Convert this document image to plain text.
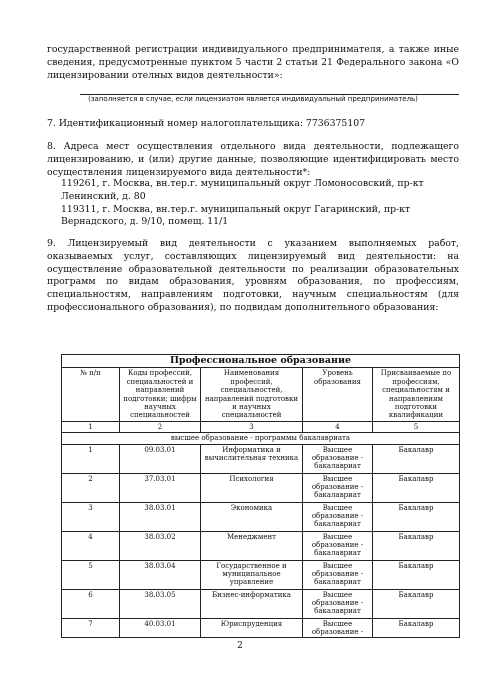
государственной регистрации индивидуального предпринимателя, а также иные сведения, предусмотренные пунктом 5 части 2 статьи 21 Федерального закона «О лицензировании отелных видов деятельности»:

(заполняется в случае, если лицензиатом является индивидуальный предприниматель)

7. Идентификационный номер налогоплательщика: 7736375107

8. Адреса мест осуществления отдельного вида деятельности, подлежащего лицензированию, и (или) другие данные, позволяющие идентифицировать место осуществления лицензируемого вида деятельности*:

119261, г. Москва, вн.тер.г. муниципальный округ Ломоносовский, пр-кт Ленинский, д. 80
119311, г. Москва, вн.тер.г. муниципальный округ Гагаринский, пр-кт Вернадского, д. 9/10, помещ. 11/1

9. Лицензируемый вид деятельности с указанием выполняемых работ, оказываемых услуг, составляющих лицензируемый вид деятельности: на осуществление образовательной деятельности по реализации образовательных программ по видам образования, уровням образования, по профессиям, специальностям, направлениям подготовки, научным специальностям (для профессионального образования), по подвидам дополнительного образования:

Профессиональное образование				
№ п/п	Коды профессий, специальностей и направлений подготовки; шифры научных специальностей	Наименования профессий, специальностей, направлений подготовки и научных специальностей	Уровень образования	Присваиваемые по профессиям, специальностям и направлениям подготовки квалификации
1	2	3	4	5
высшее образование - программы бакалавриата				
1	09.03.01	Информатика и вычислительная техника	Высшее образование - бакалавриат	Бакалавр
2	37.03.01	Психология	Высшее образование - бакалавриат	Бакалавр
3	38.03.01	Экономика	Высшее образование - бакалавриат	Бакалавр
4	38.03.02	Менеджмент	Высшее образование - бакалавриат	Бакалавр
5	38.03.04	Государственное и муниципальное управление	Высшее образование - бакалавриат	Бакалавр
6	38.03.05	Бизнес-информатика	Высшее образование - бакалавриат	Бакалавр
7	40.03.01	Юриспруденция	Высшее образование -	Бакалавр
2
